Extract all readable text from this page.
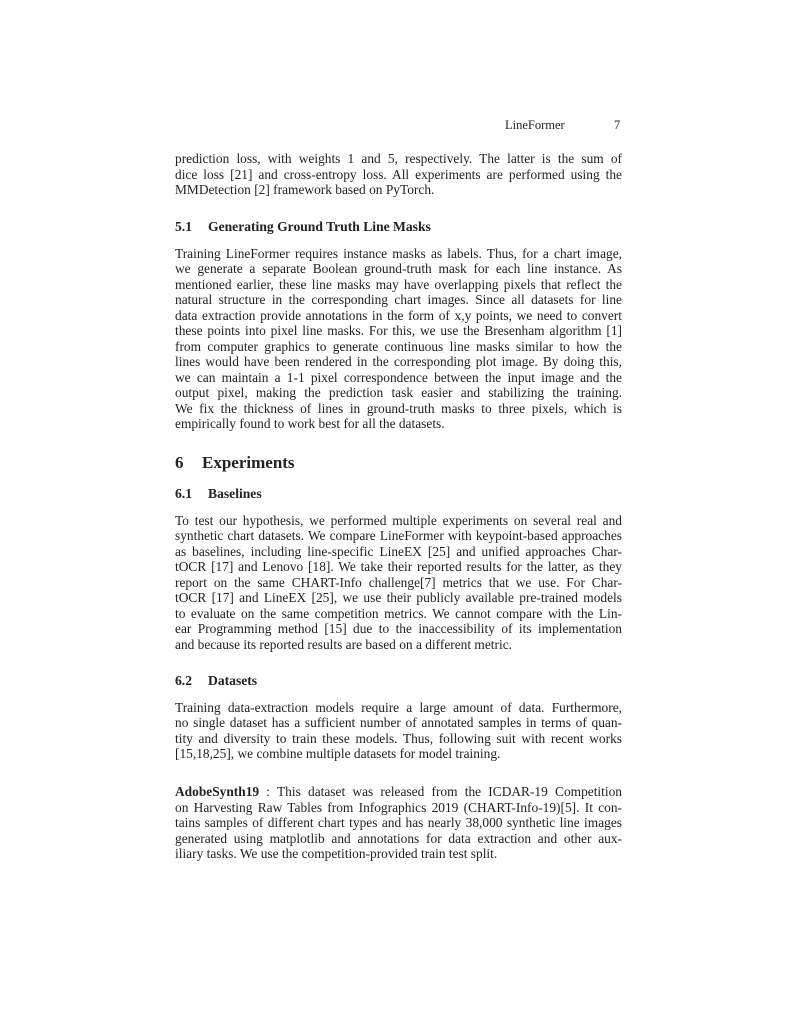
LineFormer	7
prediction loss, with weights 1 and 5, respectively. The latter is the sum of
dice loss [21] and cross-entropy loss. All experiments are performed using the
MMDetection [2] framework based on PyTorch.
5.1 Generating Ground Truth Line Masks
Training LineFormer requires instance masks as labels. Thus, for a chart image,
we generate a separate Boolean ground-truth mask for each line instance. As
mentioned earlier, these line masks may have overlapping pixels that reflect the
natural structure in the corresponding chart images. Since all datasets for line
data extraction provide annotations in the form of x,y points, we need to convert
these points into pixel line masks. For this, we use the Bresenham algorithm [1]
from computer graphics to generate continuous line masks similar to how the
lines would have been rendered in the corresponding plot image. By doing this,
we can maintain a 1-1 pixel correspondence between the input image and the
output pixel, making the prediction task easier and stabilizing the training.
We fix the thickness of lines in ground-truth masks to three pixels, which is
empirically found to work best for all the datasets.
6 Experiments
6.1 Baselines
To test our hypothesis, we performed multiple experiments on several real and
synthetic chart datasets. We compare LineFormer with keypoint-based approaches
as baselines, including line-specific LineEX [25] and unified approaches Char-
tOCR [17] and Lenovo [18]. We take their reported results for the latter, as they
report on the same CHART-Info challenge[7] metrics that we use. For Char-
tOCR [17] and LineEX [25], we use their publicly available pre-trained models
to evaluate on the same competition metrics. We cannot compare with the Lin-
ear Programming method [15] due to the inaccessibility of its implementation
and because its reported results are based on a different metric.
6.2 Datasets
Training data-extraction models require a large amount of data. Furthermore,
no single dataset has a sufficient number of annotated samples in terms of quan-
tity and diversity to train these models. Thus, following suit with recent works
[15,18,25], we combine multiple datasets for model training.
AdobeSynth19 : This dataset was released from the ICDAR-19 Competition
on Harvesting Raw Tables from Infographics 2019 (CHART-Info-19)[5]. It con-
tains samples of different chart types and has nearly 38,000 synthetic line images
generated using matplotlib and annotations for data extraction and other aux-
iliary tasks. We use the competition-provided train test split.
